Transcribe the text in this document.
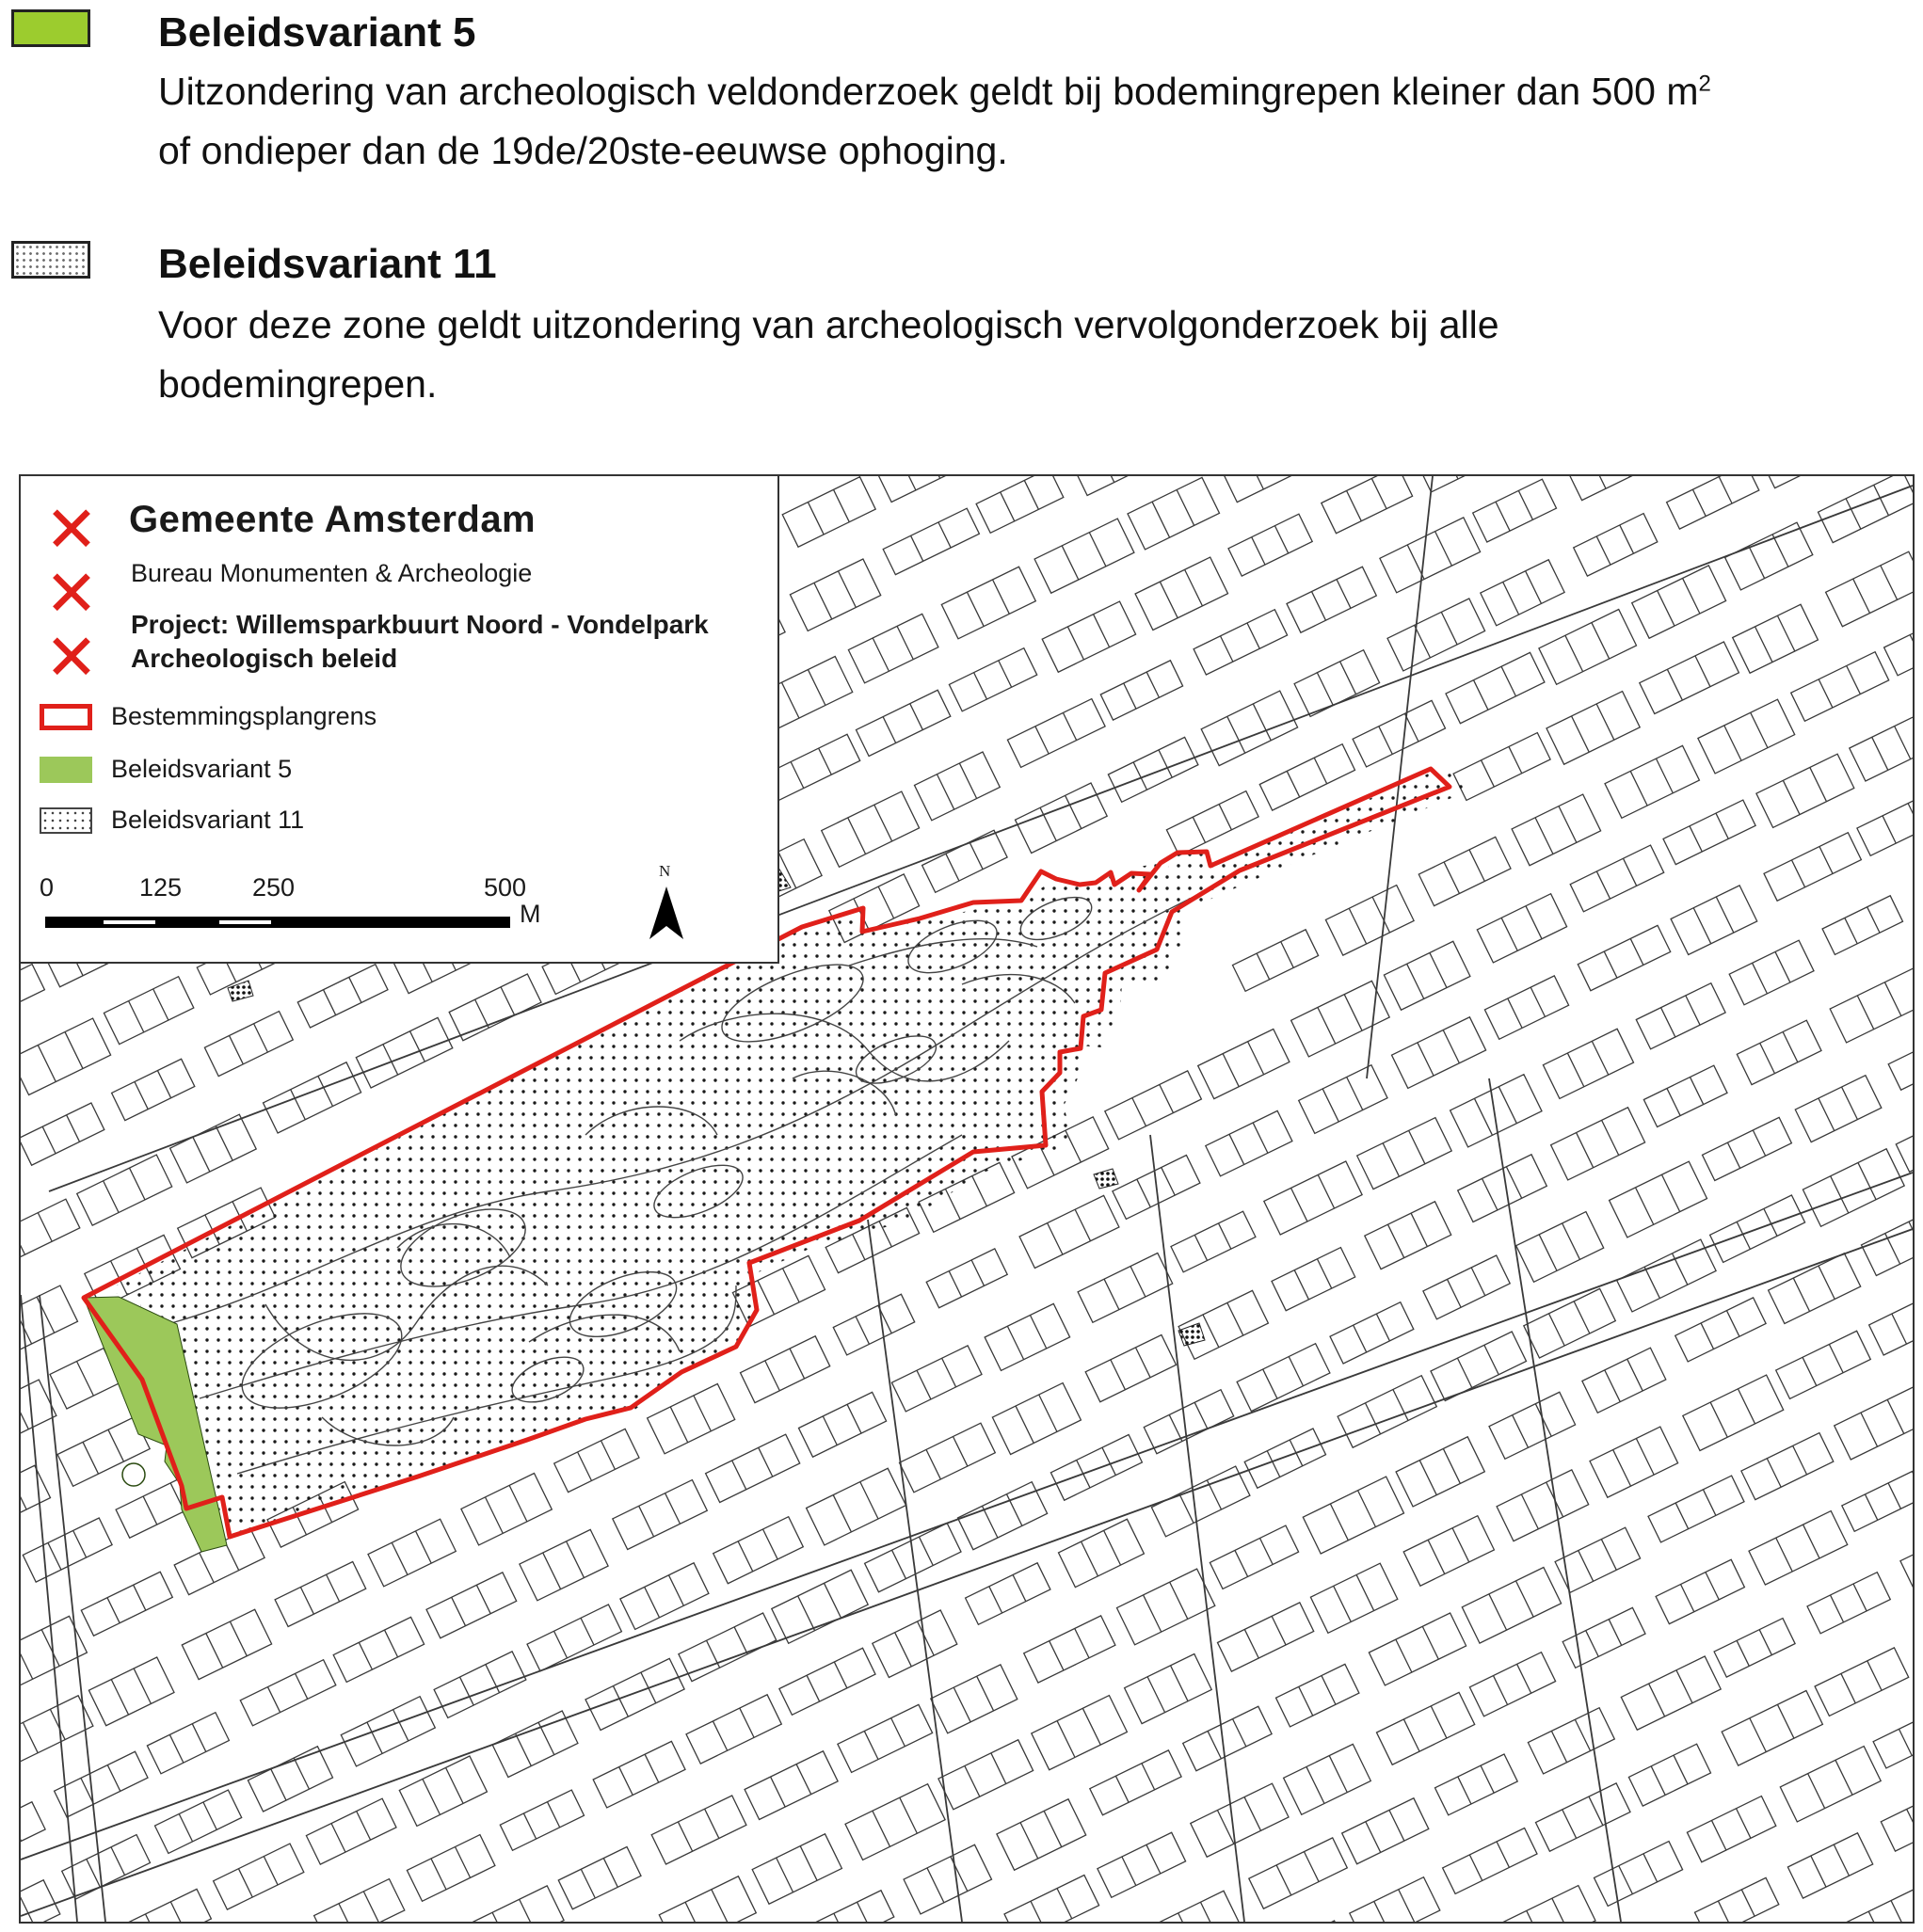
Beleidsvariant 5
Uitzondering van archeologisch veldonderzoek geldt bij bodemingrepen kleiner dan 500 $m^2$
of ondieper dan de 19de/20ste-eeuwse ophoging.
Beleidsvariant 11
Voor deze zone geldt uitzondering van archeologisch vervolgonderzoek bij alle
bodemingrepen.
✕
✕
✕
Gemeente Amsterdam
Bureau Monumenten & Archeologie
Project: Willemsparkbuurt Noord - Vondelpark
Archeologisch beleid
Bestemmingsplangrens
Beleidsvariant 5
Beleidsvariant 11
0	125	250	500
M
N
